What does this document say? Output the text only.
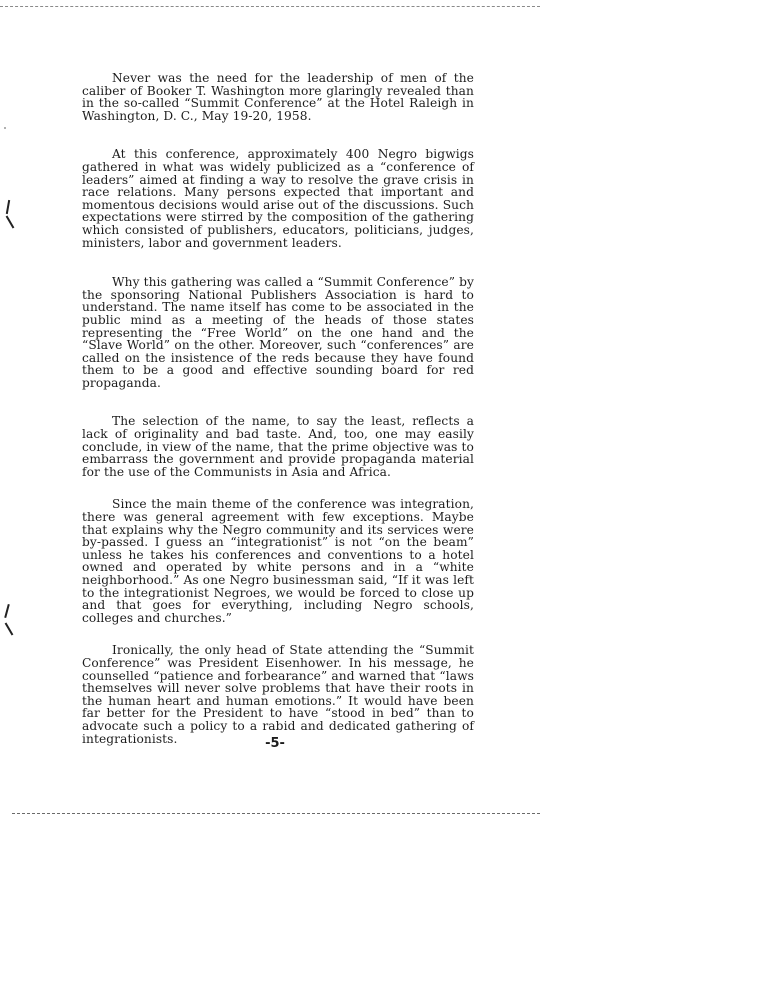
Never was the need for the leadership of men of the caliber of Booker T. Washington more glaringly revealed than in the so-called “Summit Conference” at the Hotel Raleigh in Washington, D. C., May 19-20, 1958.

At this conference, approximately 400 Negro bigwigs gathered in what was widely publicized as a “conference of leaders” aimed at finding a way to resolve the grave crisis in race relations. Many persons expected that important and momentous decisions would arise out of the discussions. Such expectations were stirred by the composition of the gathering which consisted of publishers, educators, politicians, judges, ministers, labor and government leaders.

Why this gathering was called a “Summit Conference” by the sponsoring National Publishers Association is hard to understand. The name itself has come to be associated in the public mind as a meeting of the heads of those states representing the “Free World” on the one hand and the “Slave World” on the other. Moreover, such “conferences” are called on the insistence of the reds because they have found them to be a good and effective sounding board for red propaganda.

The selection of the name, to say the least, reflects a lack of originality and bad taste. And, too, one may easily conclude, in view of the name, that the prime objective was to embarrass the government and provide propaganda material for the use of the Communists in Asia and Africa.

Since the main theme of the conference was integration, there was general agreement with few exceptions. Maybe that explains why the Negro community and its services were by-passed. I guess an “integrationist” is not “on the beam” unless he takes his conferences and conventions to a hotel owned and operated by white persons and in a “white neighborhood.” As one Negro businessman said, “If it was left to the integrationist Negroes, we would be forced to close up and that goes for everything, including Negro schools, colleges and churches.”

Ironically, the only head of State attending the “Summit Conference” was President Eisenhower. In his message, he counselled “patience and forbearance” and warned that “laws themselves will never solve problems that have their roots in the human heart and human emotions.” It would have been far better for the President to have “stood in bed” than to advocate such a policy to a rabid and dedicated gathering of integrationists.	-5-
